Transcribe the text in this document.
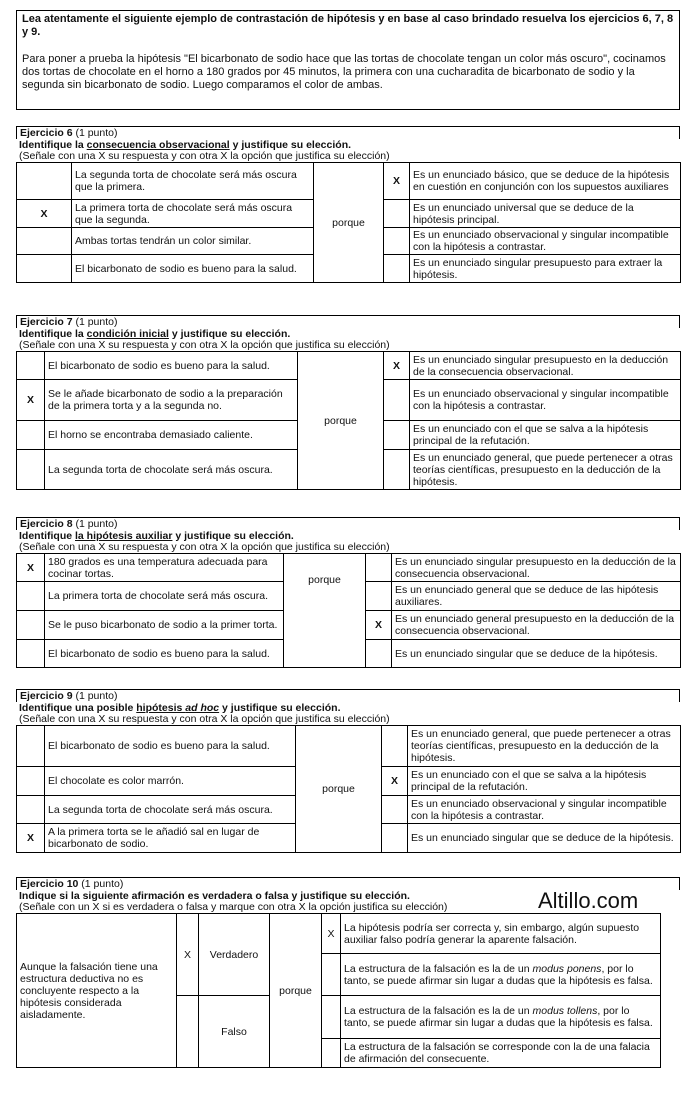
Lea atentamente el siguiente ejemplo de contrastación de hipótesis y en base al caso brindado resuelva los ejercicios 6, 7, 8 y 9.
Para poner a prueba la hipótesis "El bicarbonato de sodio hace que las tortas de chocolate tengan un color más oscuro", cocinamos dos tortas de chocolate en el horno a 180 grados por 45 minutos, la primera con una cucharadita de bicarbonato de sodio y la segunda sin bicarbonato de sodio. Luego comparamos el color de ambas.
Ejercicio 6 (1 punto)
Identifique la consecuencia observacional y justifique su elección.
(Señale con una X su respuesta y con otra X la opción que justifica su elección)
	La segunda torta de chocolate será más oscura que la primera.	porque	X	Es un enunciado básico, que se deduce de la hipótesis en cuestión en conjunción con los supuestos auxiliares
X	La primera torta de chocolate será más oscura que la segunda.			Es un enunciado universal que se deduce de la hipótesis principal.
	Ambas tortas tendrán un color similar.			Es un enunciado observacional y singular incompatible con la hipótesis a contrastar.
	El bicarbonato de sodio es bueno para la salud.			Es un enunciado singular presupuesto para extraer la hipótesis.
Ejercicio 7 (1 punto)
Identifique la condición inicial y justifique su elección.
(Señale con una X su respuesta y con otra X la opción que justifica su elección)
	El bicarbonato de sodio es bueno para la salud.	porque	X	Es un enunciado singular presupuesto en la deducción de la consecuencia observacional.
X	Se le añade bicarbonato de sodio a la preparación de la primera torta y a la segunda no.			Es un enunciado observacional y singular incompatible con la hipótesis a contrastar.
	El horno se encontraba demasiado caliente.			Es un enunciado con el que se salva a la hipótesis principal de la refutación.
	La segunda torta de chocolate será más oscura.			Es un enunciado general, que puede pertenecer a otras teorías científicas, presupuesto en la deducción de la hipótesis.
Ejercicio 8 (1 punto)
Identifique la hipótesis auxiliar y justifique su elección.
(Señale con una X su respuesta y con otra X la opción que justifica su elección)
X	180 grados es una temperatura adecuada para cocinar tortas.	porque		Es un enunciado singular presupuesto en la deducción de la consecuencia observacional.
	La primera torta de chocolate será más oscura.			Es un enunciado general que se deduce de las hipótesis auxiliares.
	Se le puso bicarbonato de sodio a la primer torta.		X	Es un enunciado general presupuesto en la deducción de la consecuencia observacional.
	El bicarbonato de sodio es bueno para la salud.			Es un enunciado singular que se deduce de la hipótesis.
Ejercicio 9 (1 punto)
Identifique una posible hipótesis ad hoc y justifique su elección.
(Señale con una X su respuesta y con otra X la opción que justifica su elección)
	El bicarbonato de sodio es bueno para la salud.	porque		Es un enunciado general, que puede pertenecer a otras teorías científicas, presupuesto en la deducción de la hipótesis.
	El chocolate es color marrón.		X	Es un enunciado con el que se salva a la hipótesis principal de la refutación.
	La segunda torta de chocolate será más oscura.			Es un enunciado observacional y singular incompatible con la hipótesis a contrastar.
X	A la primera torta se le añadió sal en lugar de bicarbonato de sodio.			Es un enunciado singular que se deduce de la hipótesis.
Ejercicio 10 (1 punto)
Indique si la siguiente afirmación es verdadera o falsa y justifique su elección.
(Señale con un X si es verdadera o falsa y marque con otra X la opción justifica su elección)
Aunque la falsación tiene una estructura deductiva no es concluyente respecto a la hipótesis considerada aisladamente.	X	Verdadero	porque	X	La hipótesis podría ser correcta y, sin embargo, algún supuesto auxiliar falso podría generar la aparente falsación.
					La estructura de la falsación es la de un modus ponens, por lo tanto, se puede afirmar sin lugar a dudas que la hipótesis es falsa.
		Falso			La estructura de la falsación es la de un modus tollens, por lo tanto, se puede afirmar sin lugar a dudas que la hipótesis es falsa.
					La estructura de la falsación se corresponde con la de una falacia de afirmación del consecuente.
Altillo.com
